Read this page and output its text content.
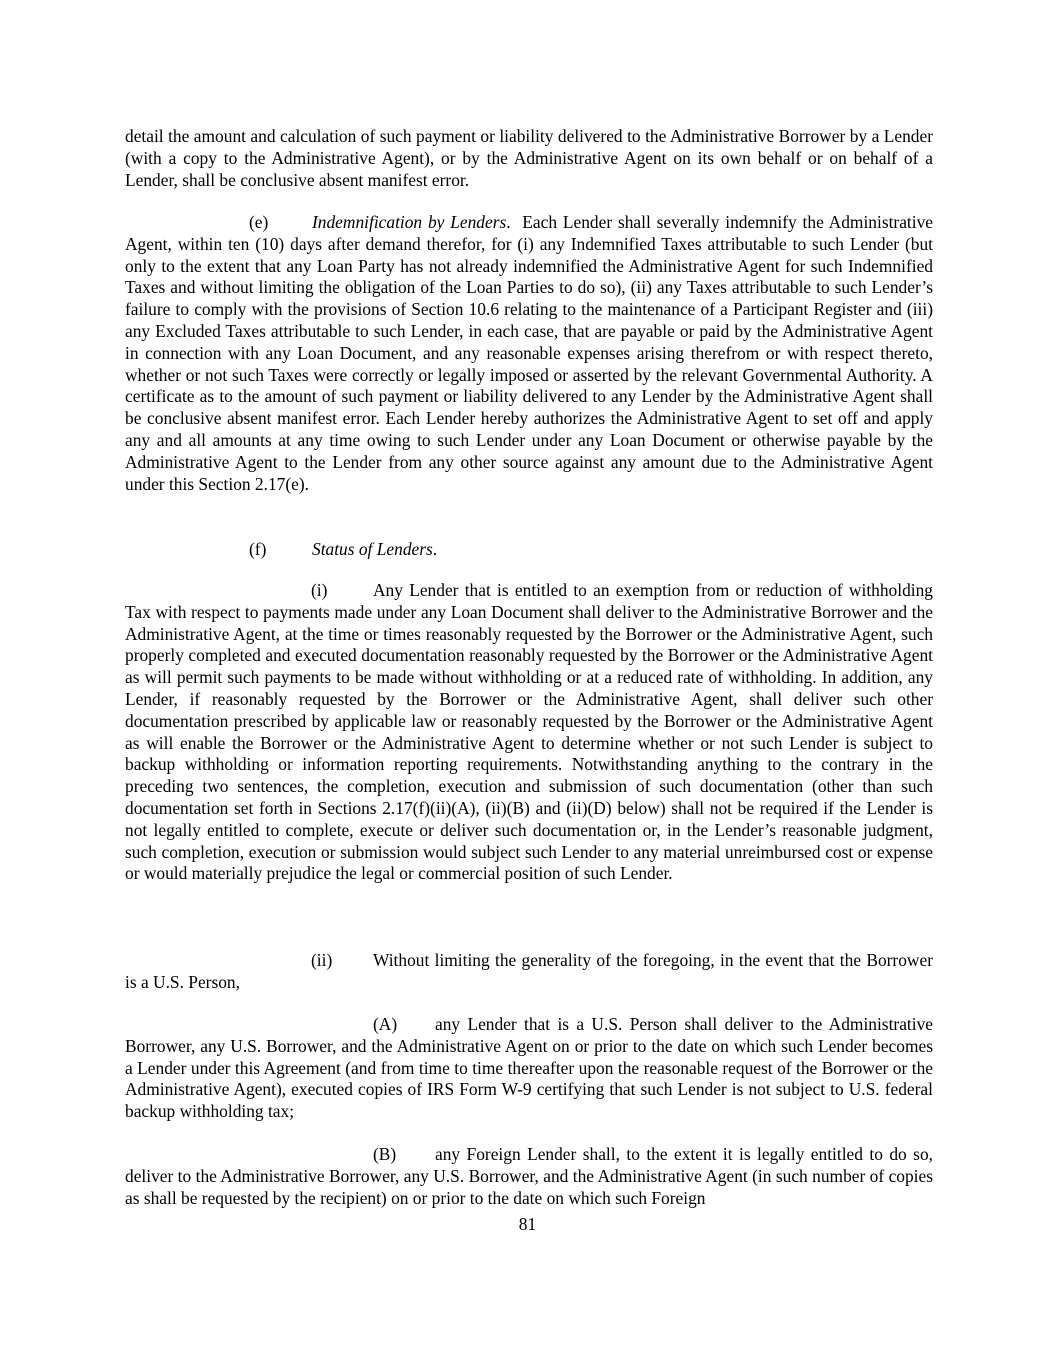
detail the amount and calculation of such payment or liability delivered to the Administrative Borrower by a Lender (with a copy to the Administrative Agent), or by the Administrative Agent on its own behalf or on behalf of a Lender, shall be conclusive absent manifest error.

(e)	Indemnification by Lenders.  Each Lender shall severally indemnify the Administrative Agent, within ten (10) days after demand therefor, for (i) any Indemnified Taxes attributable to such Lender (but only to the extent that any Loan Party has not already indemnified the Administrative Agent for such Indemnified Taxes and without limiting the obligation of the Loan Parties to do so), (ii) any Taxes attributable to such Lender’s failure to comply with the provisions of Section 10.6 relating to the maintenance of a Participant Register and (iii) any Excluded Taxes attributable to such Lender, in each case, that are payable or paid by the Administrative Agent in connection with any Loan Document, and any reasonable expenses arising therefrom or with respect thereto, whether or not such Taxes were correctly or legally imposed or asserted by the relevant Governmental Authority. A certificate as to the amount of such payment or liability delivered to any Lender by the Administrative Agent shall be conclusive absent manifest error. Each Lender hereby authorizes the Administrative Agent to set off and apply any and all amounts at any time owing to such Lender under any Loan Document or otherwise payable by the Administrative Agent to the Lender from any other source against any amount due to the Administrative Agent under this Section 2.17(e).

(f)	Status of Lenders.

(i)	Any Lender that is entitled to an exemption from or reduction of withholding Tax with respect to payments made under any Loan Document shall deliver to the Administrative Borrower and the Administrative Agent, at the time or times reasonably requested by the Borrower or the Administrative Agent, such properly completed and executed documentation reasonably requested by the Borrower or the Administrative Agent as will permit such payments to be made without withholding or at a reduced rate of withholding. In addition, any Lender, if reasonably requested by the Borrower or the Administrative Agent, shall deliver such other documentation prescribed by applicable law or reasonably requested by the Borrower or the Administrative Agent as will enable the Borrower or the Administrative Agent to determine whether or not such Lender is subject to backup withholding or information reporting requirements. Notwithstanding anything to the contrary in the preceding two sentences, the completion, execution and submission of such documentation (other than such documentation set forth in Sections 2.17(f)(ii)(A), (ii)(B) and (ii)(D) below) shall not be required if the Lender is not legally entitled to complete, execute or deliver such documentation or, in the Lender’s reasonable judgment, such completion, execution or submission would subject such Lender to any material unreimbursed cost or expense or would materially prejudice the legal or commercial position of such Lender.

(ii) Without limiting the generality of the foregoing, in the event that the Borrower is a U.S. Person,

(A) any Lender that is a U.S. Person shall deliver to the Administrative Borrower, any U.S. Borrower, and the Administrative Agent on or prior to the date on which such Lender becomes a Lender under this Agreement (and from time to time thereafter upon the reasonable request of the Borrower or the Administrative Agent), executed copies of IRS Form W-9 certifying that such Lender is not subject to U.S. federal backup withholding tax;

(B) any Foreign Lender shall, to the extent it is legally entitled to do so, deliver to the Administrative Borrower, any U.S. Borrower, and the Administrative Agent (in such number of copies as shall be requested by the recipient) on or prior to the date on which such Foreign

81
